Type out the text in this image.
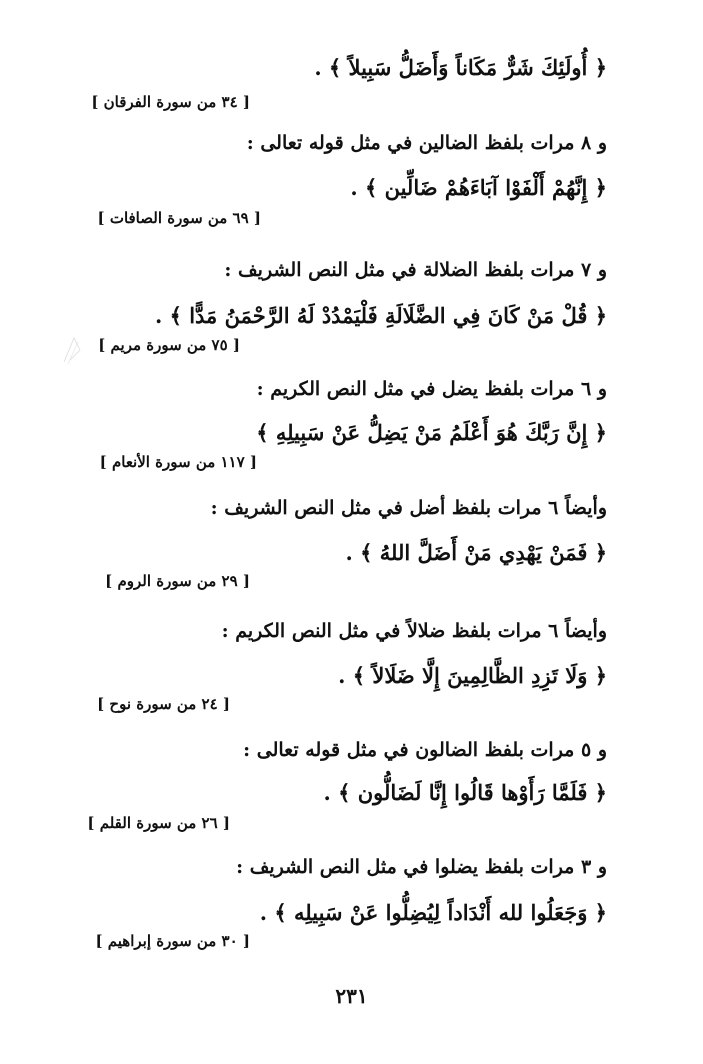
﴿ أُولَئِكَ شَرٌّ مَكَاناً وَأَضَلُّ سَبِيلاً ﴾ .
[ ٣٤ من سورة الفرقان ]
و ٨ مرات بلفظ الضالين في مثل قوله تعالى :
﴿ إِنَّهُمْ أَلْفَوْا آبَاءَهُمْ ضَالِّين ﴾ .
[ ٦٩ من سورة الصافات ]
و ٧ مرات بلفظ الضلالة في مثل النص الشريف :
﴿ قُلْ مَنْ كَانَ فِي الضَّلَالَةِ فَلْيَمْدُدْ لَهُ الرَّحْمَنُ مَدًّا ﴾ .
[ ٧٥ من سورة مريم ]
و ٦ مرات بلفظ يضل في مثل النص الكريم :
﴿ إِنَّ رَبَّكَ هُوَ أَعْلَمُ مَنْ يَضِلُّ عَنْ سَبِيلِهِ ﴾
[ ١١٧ من سورة الأنعام ]
وأيضاً ٦ مرات بلفظ أضل في مثل النص الشريف :
﴿ فَمَنْ يَهْدِي مَنْ أَضَلَّ اللهُ ﴾ .
[ ٢٩ من سورة الروم ]
وأيضاً ٦ مرات بلفظ ضلالاً في مثل النص الكريم :
﴿ وَلَا تَزِدِ الظَّالِمِينَ إِلَّا ضَلَالاً ﴾ .
[ ٢٤ من سورة نوح ]
و ٥ مرات بلفظ الضالون في مثل قوله تعالى :
﴿ فَلَمَّا رَأَوْها قَالُوا إِنَّا لَضَالُّون ﴾ .
[ ٢٦ من سورة القلم ]
و ٣ مرات بلفظ يضلوا في مثل النص الشريف :
﴿ وَجَعَلُوا لله أَنْدَاداً لِيُضِلُّوا عَنْ سَبِيلِه ﴾ .
[ ٣٠ من سورة إبراهيم ]
٢٣١
